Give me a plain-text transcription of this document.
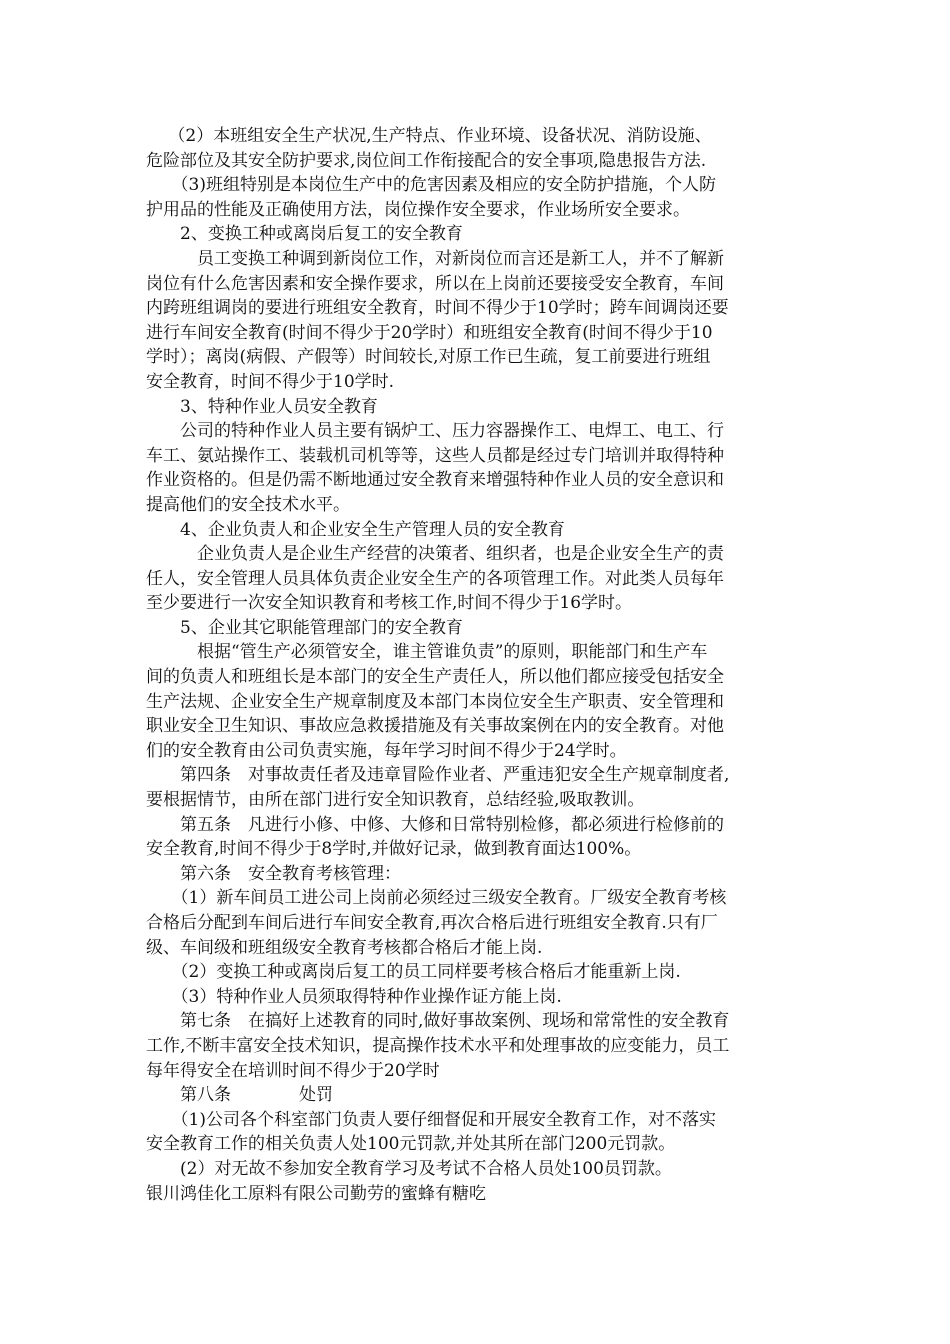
　 （2）本班组安全生产状况,生产特点、作业环境、设备状况、消防设施、
危险部位及其安全防护要求,岗位间工作衔接配合的安全事项,隐患报告方法.
　　（3)班组特别是本岗位生产中的危害因素及相应的安全防护措施，个人防
护用品的性能及正确使用方法，岗位操作安全要求，作业场所安全要求。
　　2、变换工种或离岗后复工的安全教育
　　　员工变换工种调到新岗位工作，对新岗位而言还是新工人，并不了解新
岗位有什么危害因素和安全操作要求，所以在上岗前还要接受安全教育，车间
内跨班组调岗的要进行班组安全教育，时间不得少于10学时；跨车间调岗还要
进行车间安全教育(时间不得少于20学时）和班组安全教育(时间不得少于10
学时）；离岗(病假、产假等）时间较长,对原工作已生疏，复工前要进行班组
安全教育，时间不得少于10学时.
　　3、特种作业人员安全教育
　　公司的特种作业人员主要有锅炉工、压力容器操作工、电焊工、电工、行
车工、氨站操作工、装载机司机等等，这些人员都是经过专门培训并取得特种
作业资格的。但是仍需不断地通过安全教育来增强特种作业人员的安全意识和
提高他们的安全技术水平。
　　4、企业负责人和企业安全生产管理人员的安全教育
　　　企业负责人是企业生产经营的决策者、组织者，也是企业安全生产的责
任人，安全管理人员具体负责企业安全生产的各项管理工作。对此类人员每年
至少要进行一次安全知识教育和考核工作,时间不得少于16学时。
　　5、企业其它职能管理部门的安全教育
　　　根据“管生产必须管安全，谁主管谁负责”的原则，职能部门和生产车
间的负责人和班组长是本部门的安全生产责任人，所以他们都应接受包括安全
生产法规、企业安全生产规章制度及本部门本岗位安全生产职责、安全管理和
职业安全卫生知识、事故应急救援措施及有关事故案例在内的安全教育。对他
们的安全教育由公司负责实施，每年学习时间不得少于24学时。
　　第四条　对事故责任者及违章冒险作业者、严重违犯安全生产规章制度者,
要根据情节，由所在部门进行安全知识教育，总结经验,吸取教训。
　　第五条　凡进行小修、中修、大修和日常特别检修，都必须进行检修前的
安全教育,时间不得少于8学时,并做好记录，做到教育面达100%。
　　第六条　安全教育考核管理：
　　（1）新车间员工进公司上岗前必须经过三级安全教育。厂级安全教育考核
合格后分配到车间后进行车间安全教育,再次合格后进行班组安全教育.只有厂
级、车间级和班组级安全教育考核都合格后才能上岗.
　　（2）变换工种或离岗后复工的员工同样要考核合格后才能重新上岗.
　　（3）特种作业人员须取得特种作业操作证方能上岗.
　　第七条　在搞好上述教育的同时,做好事故案例、现场和常常性的安全教育
工作,不断丰富安全技术知识，提高操作技术水平和处理事故的应变能力，员工
每年得安全在培训时间不得少于20学时
　　第八条　　　　处罚
　　（1)公司各个科室部门负责人要仔细督促和开展安全教育工作，对不落实
安全教育工作的相关负责人处100元罚款,并处其所在部门200元罚款。
　　(2）对无故不参加安全教育学习及考试不合格人员处100员罚款。
银川鸿佳化工原料有限公司勤劳的蜜蜂有糖吃
